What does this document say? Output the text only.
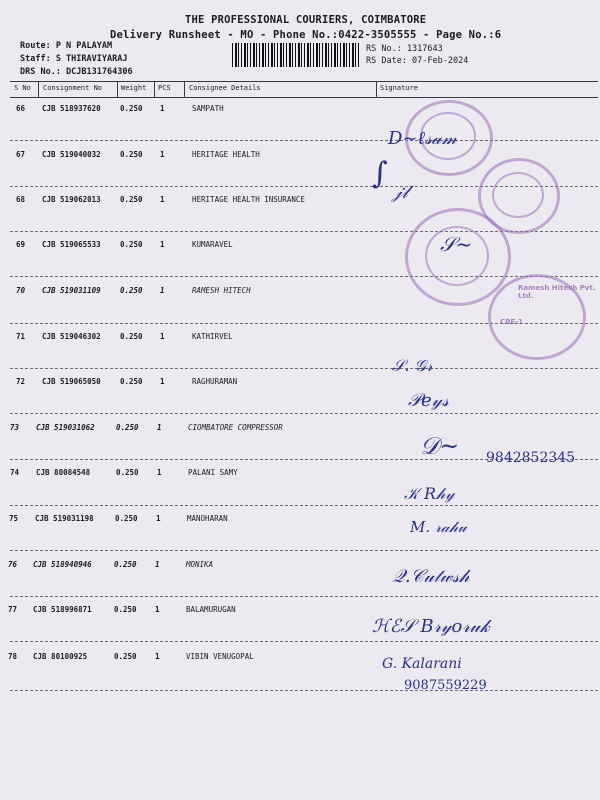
THE PROFESSIONAL COURIERS, COIMBATORE
Delivery Runsheet - MO - Phone No.:0422-3505555 - Page No.:6
Route: P N PALAYAM
Staff: S THIRAVIYARAJ
DRS No.: DCJB131764306
RS No.: 1317643
RS Date: 07-Feb-2024
S No Consignment No	Weight PCS	Consignee Details	Signature
66 CJB 518937620	0.250 1	SAMPATH
67 CJB 519040032	0.250 1	HERITAGE HEALTH
68 CJB 519062013	0.250 1	HERITAGE HEALTH INSURANCE
69 CJB 519065533	0.250 1	KUMARAVEL
70 CJB 519031109	0.250 1	RAMESH HITECH
71 CJB 519046302	0.250 1	KATHIRVEL
72 CJB 519065050	0.250 1	RAGHURAMAN
73 CJB 519031062	0.250 1	CIOMBATORE COMPRESSOR
74 CJB 80084548	0.250 1	PALANI SAMY
75 CJB 519031198	0.250 1	MANOHARAN
76 CJB 518940946	0.250 1	MONIKA
77 CJB 518996871	0.250 1	BALAMURUGAN
78 CJB 80100925	0.250 1	VIBIN VENUGOPAL
Ramesh Hitech Pvt. Ltd.
CBE-1
D~ℓ𝓈𝒶𝓂
∫
𝒿𝓁
𝒮~
𝒮. 𝒢𝓇
𝒫𝑒𝓎𝓈
𝒟~ 9842852345
𝒦 𝑅𝒽𝓎
𝑀. 𝓇𝒶𝒽𝓊
𝒬.𝒞𝓊𝓉𝓌𝓈𝒽
ℋℰ𝒮 𝐵𝓇𝓎𝑜𝓇𝓊𝓀
G. Kalarani
9087559229
